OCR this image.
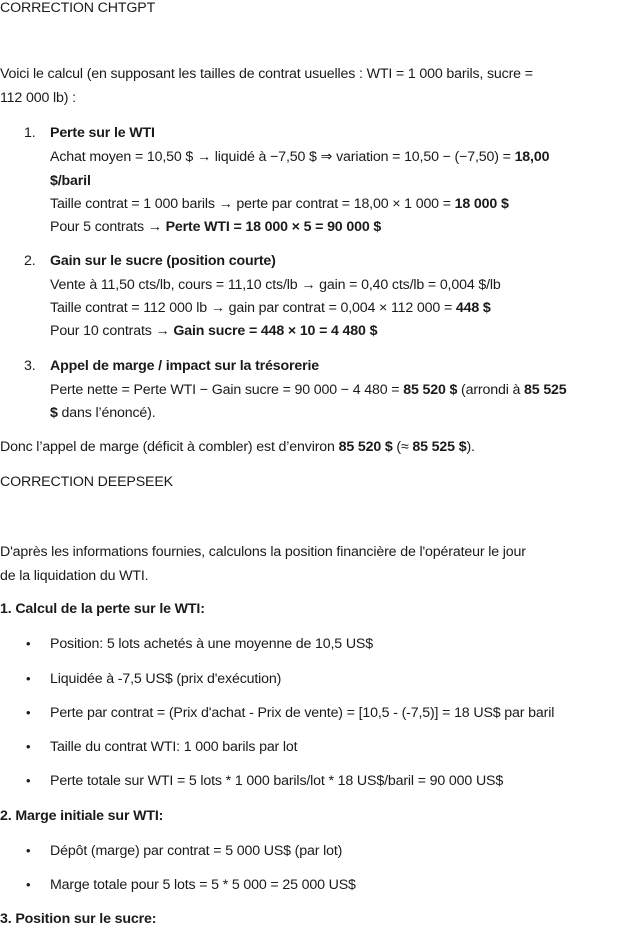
CORRECTION CHTGPT
Voici le calcul (en supposant les tailles de contrat usuelles : WTI = 1 000 barils, sucre =
112 000 lb) :
1. Perte sur le WTI
Achat moyen = 10,50 $ → liquidé à −7,50 $ ⇒ variation = 10,50 − (−7,50) = 18,00
$/baril
Taille contrat = 1 000 barils → perte par contrat = 18,00 × 1 000 = 18 000 $
Pour 5 contrats → Perte WTI = 18 000 × 5 = 90 000 $
2. Gain sur le sucre (position courte)
Vente à 11,50 cts/lb, cours = 11,10 cts/lb → gain = 0,40 cts/lb = 0,004 $/lb
Taille contrat = 112 000 lb → gain par contrat = 0,004 × 112 000 = 448 $
Pour 10 contrats → Gain sucre = 448 × 10 = 4 480 $
3. Appel de marge / impact sur la trésorerie
Perte nette = Perte WTI − Gain sucre = 90 000 − 4 480 = 85 520 $ (arrondi à 85 525
$ dans l’énoncé).
Donc l’appel de marge (déficit à combler) est d’environ 85 520 $ (≈ 85 525 $).
CORRECTION DEEPSEEK
D'après les informations fournies, calculons la position financière de l'opérateur le jour
de la liquidation du WTI.
1. Calcul de la perte sur le WTI:
• Position: 5 lots achetés à une moyenne de 10,5 US$
• Liquidée à -7,5 US$ (prix d'exécution)
• Perte par contrat = (Prix d'achat - Prix de vente) = [10,5 - (-7,5)] = 18 US$ par baril
• Taille du contrat WTI: 1 000 barils par lot
• Perte totale sur WTI = 5 lots * 1 000 barils/lot * 18 US$/baril = 90 000 US$
2. Marge initiale sur WTI:
• Dépôt (marge) par contrat = 5 000 US$ (par lot)
• Marge totale pour 5 lots = 5 * 5 000 = 25 000 US$
3. Position sur le sucre:
